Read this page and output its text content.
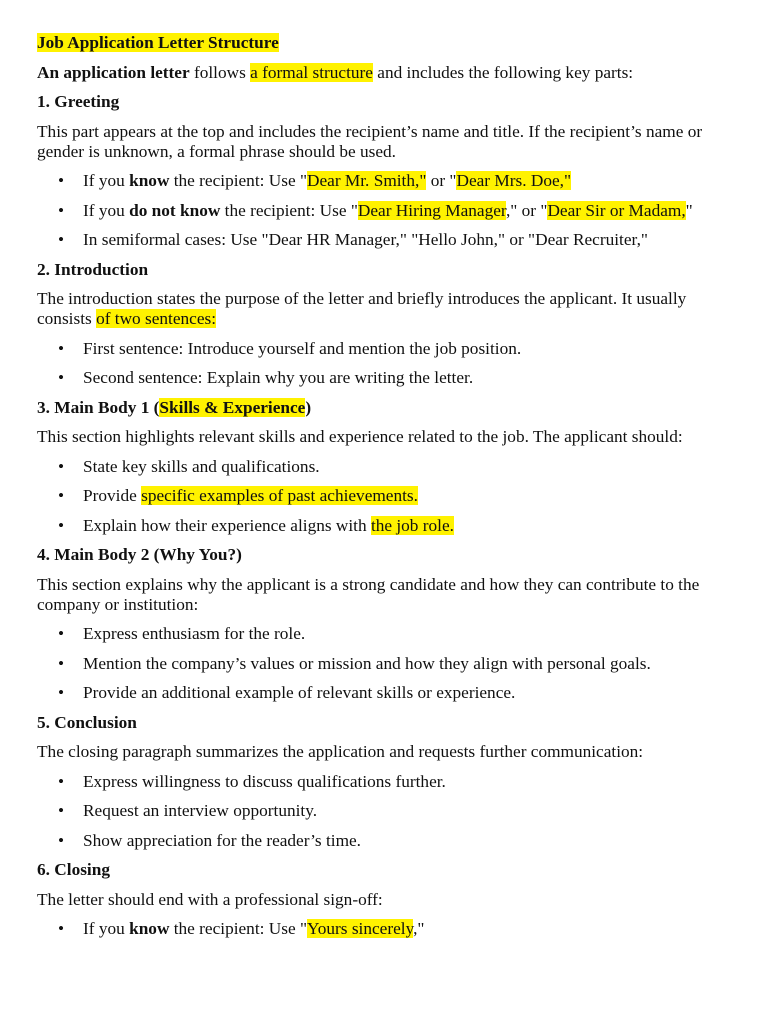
Job Application Letter Structure

An application letter follows a formal structure and includes the following key parts:

1. Greeting

This part appears at the top and includes the recipient’s name and title. If the recipient’s name or gender is unknown, a formal phrase should be used.

• If you know the recipient: Use "Dear Mr. Smith," or "Dear Mrs. Doe,"
• If you do not know the recipient: Use "Dear Hiring Manager," or "Dear Sir or Madam,"
• In semiformal cases: Use "Dear HR Manager," "Hello John," or "Dear Recruiter,"

2. Introduction

The introduction states the purpose of the letter and briefly introduces the applicant. It usually consists of two sentences:

• First sentence: Introduce yourself and mention the job position.
• Second sentence: Explain why you are writing the letter.

3. Main Body 1 (Skills & Experience)

This section highlights relevant skills and experience related to the job. The applicant should:

• State key skills and qualifications.
• Provide specific examples of past achievements.
• Explain how their experience aligns with the job role.

4. Main Body 2 (Why You?)

This section explains why the applicant is a strong candidate and how they can contribute to the company or institution:

• Express enthusiasm for the role.
• Mention the company’s values or mission and how they align with personal goals.
• Provide an additional example of relevant skills or experience.

5. Conclusion

The closing paragraph summarizes the application and requests further communication:

• Express willingness to discuss qualifications further.
• Request an interview opportunity.
• Show appreciation for the reader’s time.

6. Closing

The letter should end with a professional sign-off:

• If you know the recipient: Use "Yours sincerely,"
